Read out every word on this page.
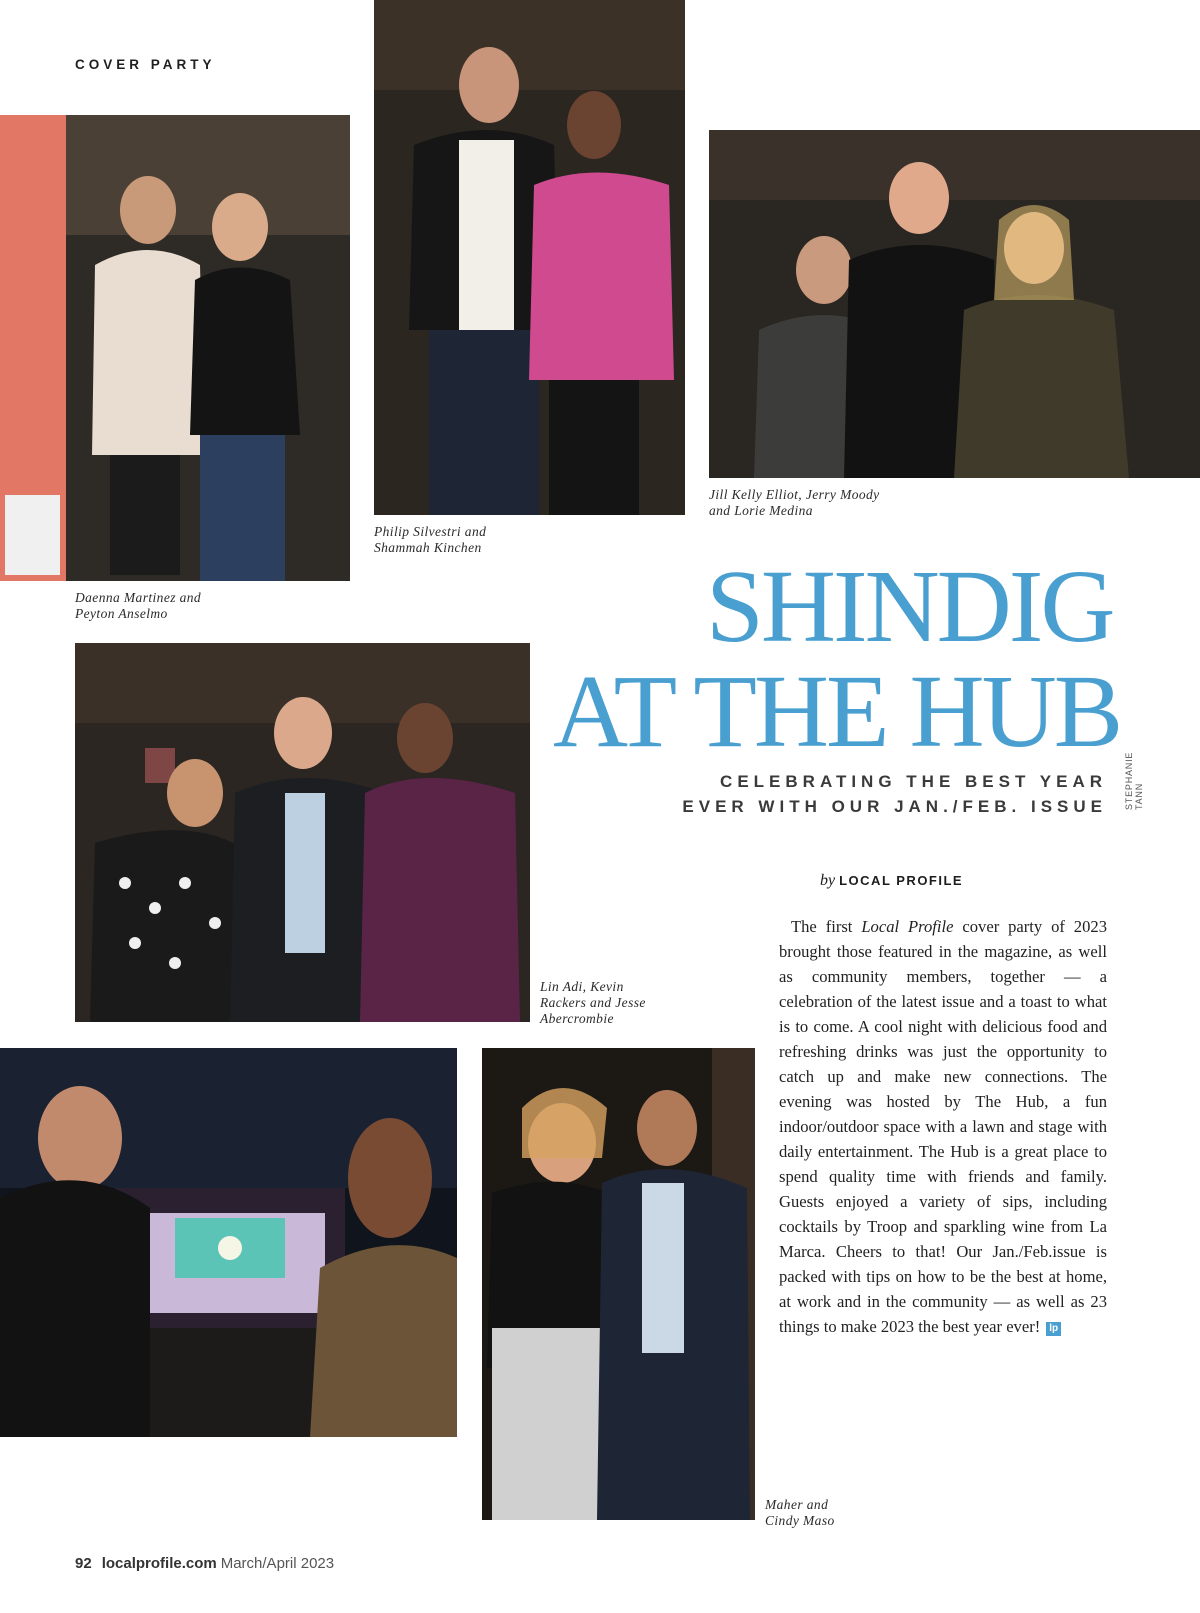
COVER PARTY
Daenna Martinez and
Peyton Anselmo
Philip Silvestri and
Shammah Kinchen
Jill Kelly Elliot, Jerry Moody
and Lorie Medina
SHINDIG
AT THE HUB
CELEBRATING THE BEST YEAR
EVER WITH OUR JAN./FEB. ISSUE STEPHANIE TANN
Lin Adi, Kevin
Rackers and Jesse
Abercrombie
by LOCAL PROFILE
The first Local Profile cover party of 2023 brought those featured in the magazine, as well as community members, together — a celebration of the latest issue and a toast to what is to come. A cool night with delicious food and refreshing drinks was just the opportunity to catch up and make new connections. The evening was hosted by The Hub, a fun indoor/outdoor space with a lawn and stage with daily entertainment. The Hub is a great place to spend quality time with friends and family. Guests enjoyed a variety of sips, including cocktails by Troop and sparkling wine from La Marca. Cheers to that! Our Jan./Feb.issue is packed with tips on how to be the best at home, at work and in the community — as well as 23 things to make 2023 the best year ever! lp
Maher and
Cindy Maso
92 localprofile.com March/April 2023
